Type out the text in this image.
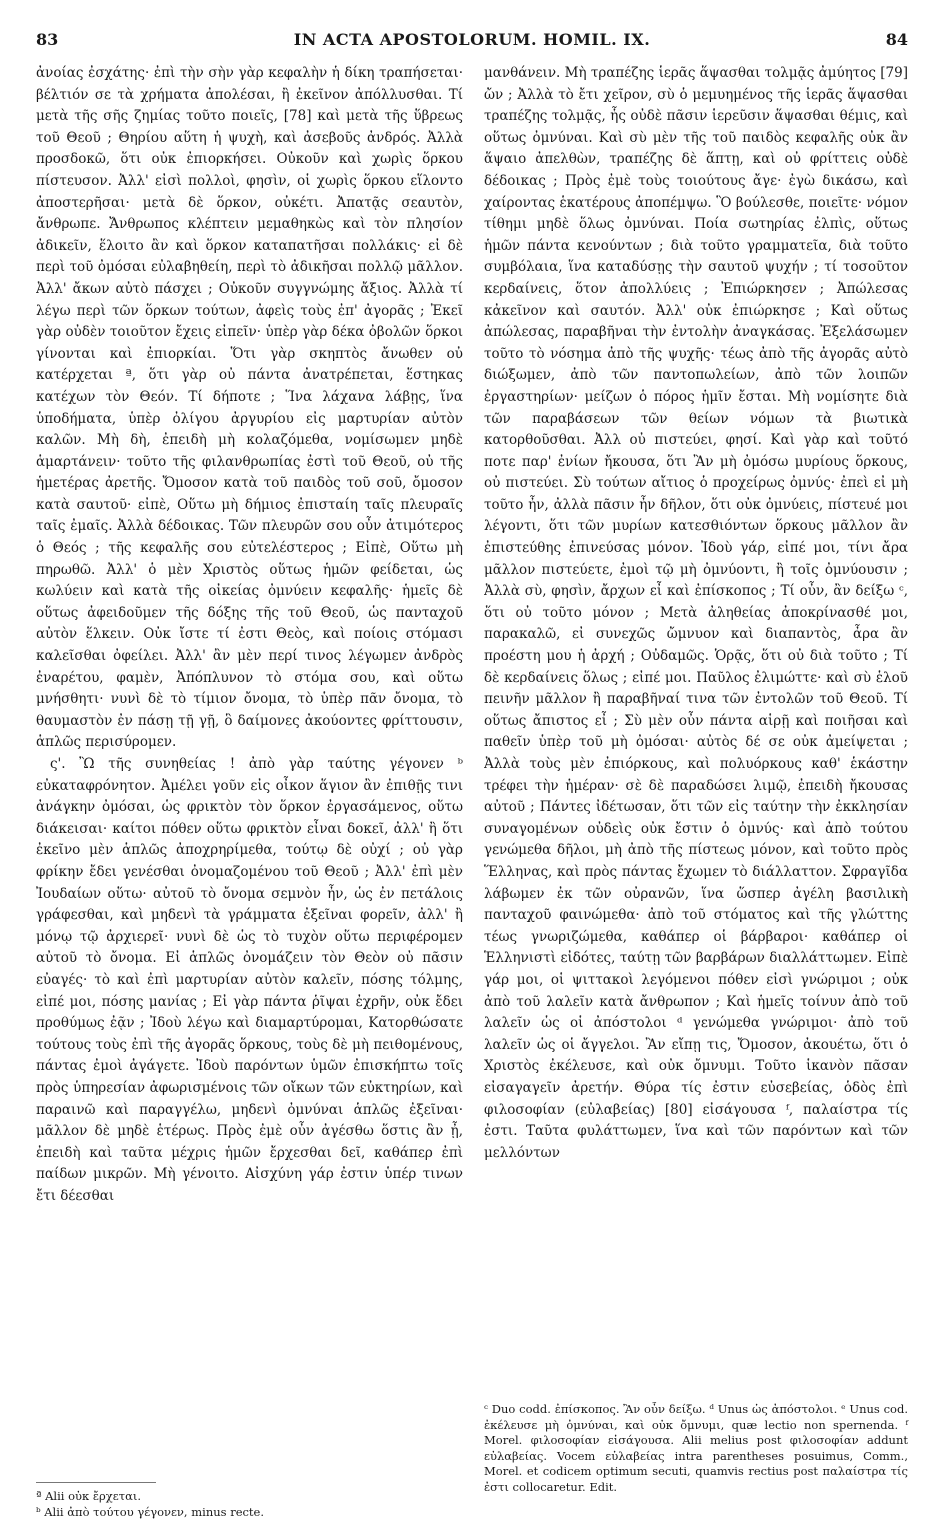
83	IN ACTA APOSTOLORUM. HOMIL. IX.	84

ἀνοίας ἐσχάτης· ἐπὶ τὴν σὴν γὰρ κεφαλὴν ἡ δίκη τραπήσεται· βέλτιόν σε τὰ χρήματα ἀπολέσαι, ἢ ἐκεῖνον ἀπόλλυσθαι. Τί μετὰ τῆς σῆς ζημίας τοῦτο ποιεῖς, [78] καὶ μετὰ τῆς ὕβρεως τοῦ Θεοῦ ; Θηρίου αὕτη ἡ ψυχὴ, καὶ ἀσεβοῦς ἀνδρός. Ἀλλὰ προσδοκῶ, ὅτι οὐκ ἐπιορκήσει. Οὐκοῦν καὶ χωρὶς ὅρκου πίστευσον. Ἀλλ' εἰσὶ πολλοὶ, φησὶν, οἱ χωρὶς ὅρκου εἵλοντο ἀποστερῆσαι· μετὰ δὲ ὅρκον, οὐκέτι. Ἀπατᾷς σεαυτὸν, ἄνθρωπε. Ἄνθρωπος κλέπτειν μεμαθηκὼς καὶ τὸν πλησίον ἀδικεῖν, ἕλοιτο ἂν καὶ ὅρκον καταπατῆσαι πολλάκις· εἰ δὲ περὶ τοῦ ὀμόσαι εὐλαβηθείη, περὶ τὸ ἀδικῆσαι πολλῷ μᾶλλον. Ἀλλ' ἄκων αὐτὸ πάσχει ; Οὐκοῦν συγγνώμης ἄξιος. Ἀλλὰ τί λέγω περὶ τῶν ὅρκων τούτων, ἀφεὶς τοὺς ἐπ' ἀγορᾶς ; Ἐκεῖ γὰρ οὐδὲν τοιοῦτον ἔχεις εἰπεῖν· ὑπὲρ γὰρ δέκα ὀβολῶν ὅρκοι γίνονται καὶ ἐπιορκίαι. Ὅτι γὰρ σκηπτὸς ἄνωθεν οὐ κατέρχεται ª, ὅτι γὰρ οὐ πάντα ἀνατρέπεται, ἕστηκας κατέχων τὸν Θεόν. Τί δήποτε ; Ἵνα λάχανα λάβῃς, ἵνα ὑποδήματα, ὑπὲρ ὀλίγου ἀργυρίου εἰς μαρτυρίαν αὐτὸν καλῶν. Μὴ δὴ, ἐπειδὴ μὴ κολαζόμεθα, νομίσωμεν μηδὲ ἁμαρτάνειν· τοῦτο τῆς φιλανθρωπίας ἐστὶ τοῦ Θεοῦ, οὐ τῆς ἡμετέρας ἀρετῆς. Ὄμοσον κατὰ τοῦ παιδὸς τοῦ σοῦ, ὄμοσον κατὰ σαυτοῦ· εἰπὲ, Οὕτω μὴ δήμιος ἐπισταίη ταῖς πλευραῖς ταῖς ἐμαῖς. Ἀλλὰ δέδοικας. Τῶν πλευρῶν σου οὖν ἀτιμότερος ὁ Θεός ; τῆς κεφαλῆς σου εὐτελέστερος ; Εἰπὲ, Οὕτω μὴ πηρωθῶ. Ἀλλ' ὁ μὲν Χριστὸς οὕτως ἡμῶν φείδεται, ὡς κωλύειν καὶ κατὰ τῆς οἰκείας ὀμνύειν κεφαλῆς· ἡμεῖς δὲ οὕτως ἀφειδοῦμεν τῆς δόξης τῆς τοῦ Θεοῦ, ὡς πανταχοῦ αὐτὸν ἕλκειν. Οὐκ ἴστε τί ἐστι Θεὸς, καὶ ποίοις στόμασι καλεῖσθαι ὀφείλει. Ἀλλ' ἂν μὲν περί τινος λέγωμεν ἀνδρὸς ἐναρέτου, φαμὲν, Ἀπόπλυνον τὸ στόμα σου, καὶ οὕτω μνήσθητι· νυνὶ δὲ τὸ τίμιον ὄνομα, τὸ ὑπὲρ πᾶν ὄνομα, τὸ θαυμαστὸν ἐν πάσῃ τῇ γῇ, ὃ δαίμονες ἀκούοντες φρίττουσιν, ἁπλῶς περισύρομεν.

ς'. Ὢ τῆς συνηθείας ! ἀπὸ γὰρ ταύτης γέγονεν ᵇ εὐκαταφρόνητον. Ἀμέλει γοῦν εἰς οἶκον ἅγιον ἂν ἐπιθῇς τινι ἀνάγκην ὀμόσαι, ὡς φρικτὸν τὸν ὅρκον ἐργασάμενος, οὕτω διάκεισαι· καίτοι πόθεν οὕτω φρικτὸν εἶναι δοκεῖ, ἀλλ' ἢ ὅτι ἐκεῖνο μὲν ἁπλῶς ἀποχρηρίμεθα, τούτῳ δὲ οὐχί ; οὐ γὰρ φρίκην ἔδει γενέσθαι ὀνομαζομένου τοῦ Θεοῦ ; Ἀλλ' ἐπὶ μὲν Ἰουδαίων οὕτω· αὐτοῦ τὸ ὄνομα σεμνὸν ἦν, ὡς ἐν πετάλοις γράφεσθαι, καὶ μηδενὶ τὰ γράμματα ἐξεῖναι φορεῖν, ἀλλ' ἢ μόνῳ τῷ ἀρχιερεῖ· νυνὶ δὲ ὡς τὸ τυχὸν οὕτω περιφέρομεν αὐτοῦ τὸ ὄνομα. Εἰ ἁπλῶς ὀνομάζειν τὸν Θεὸν οὐ πᾶσιν εὐαγές· τὸ καὶ ἐπὶ μαρτυρίαν αὐτὸν καλεῖν, πόσης τόλμης, εἰπέ μοι, πόσης μανίας ; Εἰ γὰρ πάντα ῥῖψαι ἐχρῆν, οὐκ ἔδει προθύμως ἐᾷν ; Ἰδοὺ λέγω καὶ διαμαρτύρομαι, Κατορθώσατε τούτους τοὺς ἐπὶ τῆς ἀγορᾶς ὅρκους, τοὺς δὲ μὴ πειθομένους, πάντας ἐμοὶ ἀγάγετε. Ἰδοὺ παρόντων ὑμῶν ἐπισκήπτω τοῖς πρὸς ὑπηρεσίαν ἀφωρισμένοις τῶν οἴκων τῶν εὐκτηρίων, καὶ παραινῶ καὶ παραγγέλω, μηδενὶ ὀμνύναι ἁπλῶς ἐξεῖναι· μᾶλλον δὲ μηδὲ ἑτέρως. Πρὸς ἐμὲ οὖν ἀγέσθω ὅστις ἂν ᾖ, ἐπειδὴ καὶ ταῦτα μέχρις ἡμῶν ἔρχεσθαι δεῖ, καθάπερ ἐπὶ παίδων μικρῶν. Μὴ γένοιτο. Αἰσχύνη γάρ ἐστιν ὑπέρ τινων ἔτι δέεσθαι

μανθάνειν. Μὴ τραπέζης ἱερᾶς ἅψασθαι τολμᾷς ἀμύητος [79] ὤν ; Ἀλλὰ τὸ ἔτι χεῖρον, σὺ ὁ μεμυημένος τῆς ἱερᾶς ἅψασθαι τραπέζης τολμᾷς, ἧς οὐδὲ πᾶσιν ἱερεῦσιν ἅψασθαι θέμις, καὶ οὕτως ὀμνύναι. Καὶ σὺ μὲν τῆς τοῦ παιδὸς κεφαλῆς οὐκ ἂν ἅψαιο ἀπελθὼν, τραπέζης δὲ ἅπτῃ, καὶ οὐ φρίττεις οὐδὲ δέδοικας ; Πρὸς ἐμὲ τοὺς τοιούτους ἄγε· ἐγὼ δικάσω, καὶ χαίροντας ἑκατέρους ἀποπέμψω. Ὃ βούλεσθε, ποιεῖτε· νόμον τίθημι μηδὲ ὅλως ὀμνύναι. Ποία σωτηρίας ἐλπὶς, οὕτως ἡμῶν πάντα κενούντων ; διὰ τοῦτο γραμματεῖα, διὰ τοῦτο συμβόλαια, ἵνα καταδύσῃς τὴν σαυτοῦ ψυχήν ; τί τοσοῦτον κερδαίνεις, ὅτον ἀπολλύεις ; Ἐπιώρκησεν ; Ἀπώλεσας κἀκεῖνον καὶ σαυτόν. Ἀλλ' οὐκ ἐπιώρκησε ; Καὶ οὕτως ἀπώλεσας, παραβῆναι τὴν ἐντολὴν ἀναγκάσας. Ἐξελάσωμεν τοῦτο τὸ νόσημα ἀπὸ τῆς ψυχῆς· τέως ἀπὸ τῆς ἀγορᾶς αὐτὸ διώξωμεν, ἀπὸ τῶν παντοπωλείων, ἀπὸ τῶν λοιπῶν ἐργαστηρίων· μείζων ὁ πόρος ἡμῖν ἔσται. Μὴ νομίσητε διὰ τῶν παραβάσεων τῶν θείων νόμων τὰ βιωτικὰ κατορθοῦσθαι. Ἀλλ οὐ πιστεύει, φησί. Καὶ γὰρ καὶ τοῦτό ποτε παρ' ἐνίων ἤκουσα, ὅτι Ἂν μὴ ὀμόσω μυρίους ὅρκους, οὐ πιστεύει. Σὺ τούτων αἴτιος ὁ προχείρως ὀμνύς· ἐπεὶ εἰ μὴ τοῦτο ἦν, ἀλλὰ πᾶσιν ἦν δῆλον, ὅτι οὐκ ὀμνύεις, πίστευέ μοι λέγοντι, ὅτι τῶν μυρίων κατεσθιόντων ὅρκους μᾶλλον ἂν ἐπιστεύθης ἐπινεύσας μόνον. Ἰδοὺ γάρ, εἰπέ μοι, τίνι ἄρα μᾶλλον πιστεύετε, ἐμοὶ τῷ μὴ ὀμνύοντι, ἢ τοῖς ὀμνύουσιν ; Ἀλλὰ σὺ, φησὶν, ἄρχων εἶ καὶ ἐπίσκοπος ; Τί οὖν, ἂν δείξω ᶜ, ὅτι οὐ τοῦτο μόνον ; Μετὰ ἀληθείας ἀποκρίνασθέ μοι, παρακαλῶ, εἰ συνεχῶς ὤμνυον καὶ διαπαντὸς, ἆρα ἂν προέστη μου ἡ ἀρχή ; Οὐδαμῶς. Ὁρᾷς, ὅτι οὐ διὰ τοῦτο ; Τί δὲ κερδαίνεις ὅλως ; εἰπέ μοι. Παῦλος ἐλιμώττε· καὶ σὺ ἑλοῦ πεινῆν μᾶλλον ἢ παραβῆναί τινα τῶν ἐντολῶν τοῦ Θεοῦ. Τί οὕτως ἄπιστος εἶ ; Σὺ μὲν οὖν πάντα αἱρῇ καὶ ποιῆσαι καὶ παθεῖν ὑπὲρ τοῦ μὴ ὀμόσαι· αὐτὸς δέ σε οὐκ ἀμείψεται ; Ἀλλὰ τοὺς μὲν ἐπιόρκους, καὶ πολυόρκους καθ' ἑκάστην τρέφει τὴν ἡμέραν· σὲ δὲ παραδώσει λιμῷ, ἐπειδὴ ἤκουσας αὐτοῦ ; Πάντες ἰδέτωσαν, ὅτι τῶν εἰς ταύτην τὴν ἐκκλησίαν συναγομένων οὐδεὶς οὐκ ἔστιν ὁ ὀμνύς· καὶ ἀπὸ τούτου γενώμεθα δῆλοι, μὴ ἀπὸ τῆς πίστεως μόνον, καὶ τοῦτο πρὸς Ἕλληνας, καὶ πρὸς πάντας ἔχωμεν τὸ διάλλαττον. Σφραγῖδα λάβωμεν ἐκ τῶν οὐρανῶν, ἵνα ὥσπερ ἀγέλη βασιλικὴ πανταχοῦ φαινώμεθα· ἀπὸ τοῦ στόματος καὶ τῆς γλώττης τέως γνωριζώμεθα, καθάπερ οἱ βάρβαροι· καθάπερ οἱ Ἑλληνιστὶ εἰδότες, ταύτῃ τῶν βαρβάρων διαλλάττωμεν. Εἰπὲ γάρ μοι, οἱ ψιττακοὶ λεγόμενοι πόθεν εἰσὶ γνώριμοι ; οὐκ ἀπὸ τοῦ λαλεῖν κατὰ ἄνθρωπον ; Καὶ ἡμεῖς τοίνυν ἀπὸ τοῦ λαλεῖν ὡς οἱ ἀπόστολοι ᵈ γενώμεθα γνώριμοι· ἀπὸ τοῦ λαλεῖν ὡς οἱ ἄγγελοι. Ἂν εἴπῃ τις, Ὄμοσον, ἀκουέτω, ὅτι ὁ Χριστὸς ἐκέλευσε, καὶ οὐκ ὄμνυμι. Τοῦτο ἱκανὸν πᾶσαν εἰσαγαγεῖν ἀρετήν. Θύρα τίς ἐστιν εὐσεβείας, ὁδὸς ἐπὶ φιλοσοφίαν (εὐλαβείας) [80] εἰσάγουσα ᶠ, παλαίστρα τίς ἐστι. Ταῦτα φυλάττωμεν, ἵνα καὶ τῶν παρόντων καὶ τῶν μελλόντων

ª Alii οὐκ ἔρχεται.
ᵇ Alii ἀπὸ τούτου γέγονεν, minus recte.
ᶜ Duo codd. ἐπίσκοπος. Ἂν οὖν δείξω. ᵈ Unus ὡς ἀπόστολοι. ᵉ Unus cod. ἐκέλευσε μὴ ὀμνύναι, καὶ οὐκ ὄμνυμι, quæ lectio non spernenda. ᶠ Morel. φιλοσοφίαν εἰσάγουσα. Alii melius post φιλοσοφίαν addunt εὐλαβείας. Vocem εὐλαβείας intra parentheses posuimus, Comm., Morel. et codicem optimum secuti, quamvis rectius post παλαίστρα τίς ἐστι collocaretur. Edit.
